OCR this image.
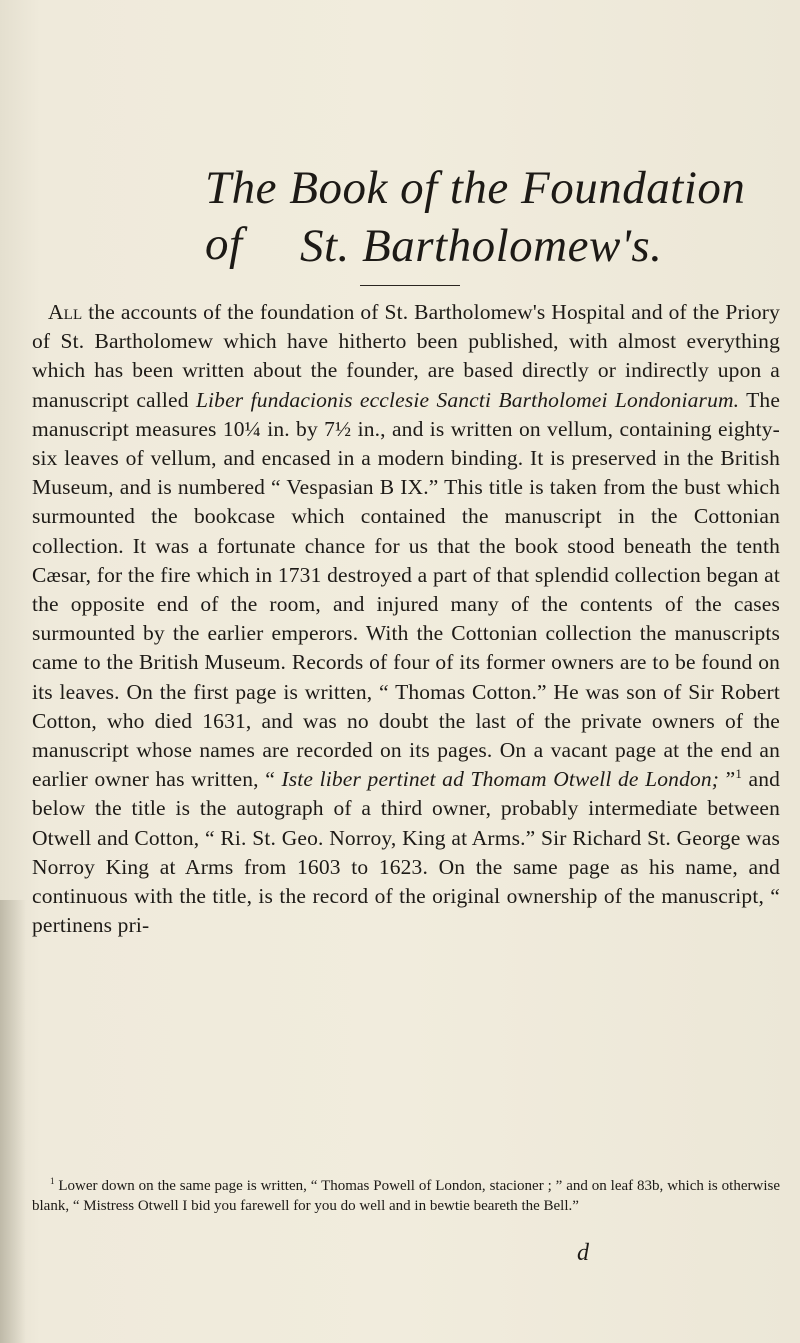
The Book of the Foundation of	St. Bartholomew's.

All the accounts of the foundation of St. Bartholomew's Hospital and of the Priory of St. Bartholomew which have hitherto been published, with almost everything which has been written about the founder, are based directly or indirectly upon a manuscript called Liber fundacionis ecclesie Sancti Bartholomei Londoniarum. The manuscript measures 10¼ in. by 7½ in., and is written on vellum, containing eighty-six leaves of vellum, and encased in a modern binding. It is preserved in the British Museum, and is numbered “ Vespasian B IX.” This title is taken from the bust which surmounted the bookcase which contained the manuscript in the Cottonian collection. It was a fortunate chance for us that the book stood beneath the tenth Cæsar, for the fire which in 1731 destroyed a part of that splendid collection began at the opposite end of the room, and injured many of the contents of the cases surmounted by the earlier emperors. With the Cottonian collection the manuscripts came to the British Museum. Records of four of its former owners are to be found on its leaves. On the first page is written, “ Thomas Cotton.” He was son of Sir Robert Cotton, who died 1631, and was no doubt the last of the private owners of the manuscript whose names are recorded on its pages. On a vacant page at the end an earlier owner has written, “ Iste liber pertinet ad Thomam Otwell de London; ”$^1$ and below the title is the autograph of a third owner, probably intermediate between Otwell and Cotton, “ Ri. St. Geo. Norroy, King at Arms.” Sir Richard St. George was Norroy King at Arms from 1603 to 1623. On the same page as his name, and continuous with the title, is the record of the original ownership of the manuscript, “ pertinens pri-

$^1$ Lower down on the same page is written, “ Thomas Powell of London, stacioner ; ” and on leaf 83b, which is otherwise blank, “ Mistress Otwell I bid you farewell for you do well and in bewtie beareth the Bell.”

d
